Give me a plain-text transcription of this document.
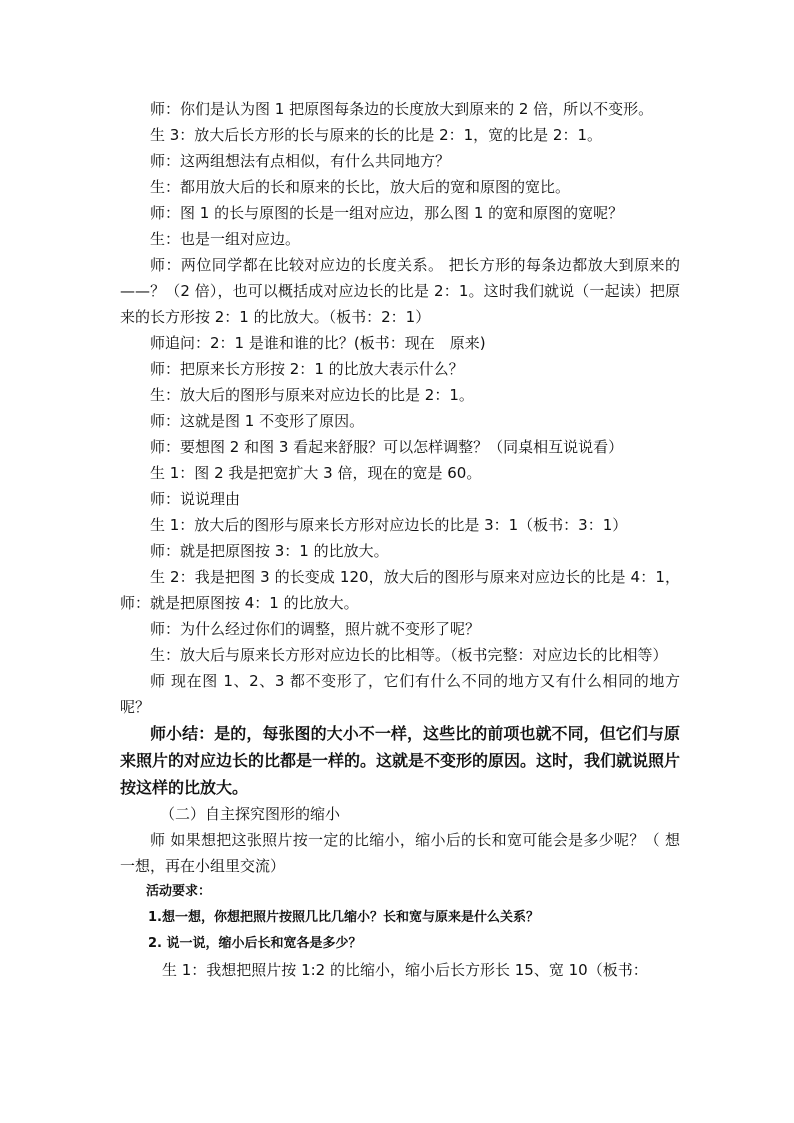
师：你们是认为图 1 把原图每条边的长度放大到原来的 2 倍，所以不变形。

生 3：放大后长方形的长与原来的长的比是 2：1，宽的比是 2：1。

师：这两组想法有点相似，有什么共同地方？

生：都用放大后的长和原来的长比，放大后的宽和原图的宽比。

师：图 1 的长与原图的长是一组对应边，那么图 1 的宽和原图的宽呢？

生：也是一组对应边。

师：两位同学都在比较对应边的长度关系。 把长方形的每条边都放大到原来的——？（2 倍），也可以概括成对应边长的比是 2：1。这时我们就说（一起读）把原来的长方形按 2：1 的比放大。（板书：2：1）

师追问：2：1 是谁和谁的比？(板书：现在　原来)

师：把原来长方形按 2：1 的比放大表示什么？

生：放大后的图形与原来对应边长的比是 2：1。

师：这就是图 1 不变形了原因。

师：要想图 2 和图 3 看起来舒服？可以怎样调整？（同桌相互说说看）

生 1：图 2 我是把宽扩大 3 倍，现在的宽是 60。

师：说说理由

生 1：放大后的图形与原来长方形对应边长的比是 3：1（板书：3：1）

师：就是把原图按 3：1 的比放大。

生 2：我是把图 3 的长变成 120，放大后的图形与原来对应边长的比是 4：1，师：就是把原图按 4：1 的比放大。

师：为什么经过你们的调整，照片就不变形了呢？

生：放大后与原来长方形对应边长的比相等。（板书完整：对应边长的比相等）

师 现在图 1、2、3 都不变形了，它们有什么不同的地方又有什么相同的地方呢？

师小结：是的，每张图的大小不一样，这些比的前项也就不同，但它们与原来照片的对应边长的比都是一样的。这就是不变形的原因。这时，我们就说照片按这样的比放大。

（二）自主探究图形的缩小

师 如果想把这张照片按一定的比缩小，缩小后的长和宽可能会是多少呢？（ 想一想，再在小组里交流）

活动要求：

1.想一想，你想把照片按照几比几缩小？长和宽与原来是什么关系？

2. 说一说，缩小后长和宽各是多少？

生 1：我想把照片按 1:2 的比缩小，缩小后长方形长 15、宽 10（板书：
